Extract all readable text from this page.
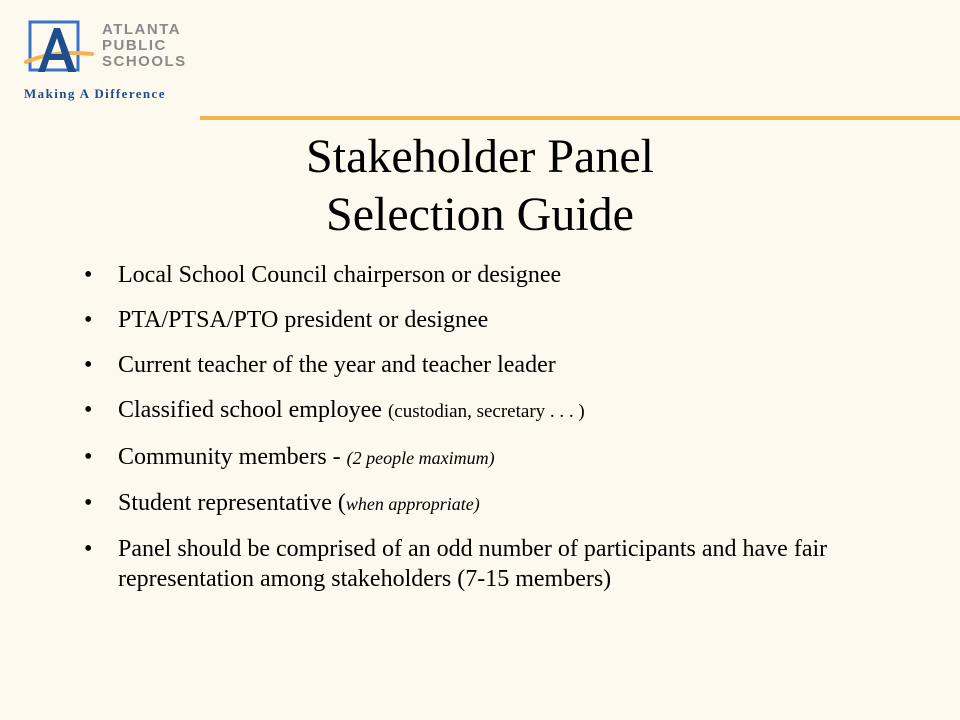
ATLANTA
PUBLIC
SCHOOLS
Making A Difference
Stakeholder Panel
Selection Guide
• Local School Council chairperson or designee
• PTA/PTSA/PTO president or designee
• Current teacher of the year and teacher leader
• Classified school employee (custodian, secretary . . . )
• Community members - (2 people maximum)
• Student representative (when appropriate)
• Panel should be comprised of an odd number of participants and have fair representation among stakeholders (7-15 members)
